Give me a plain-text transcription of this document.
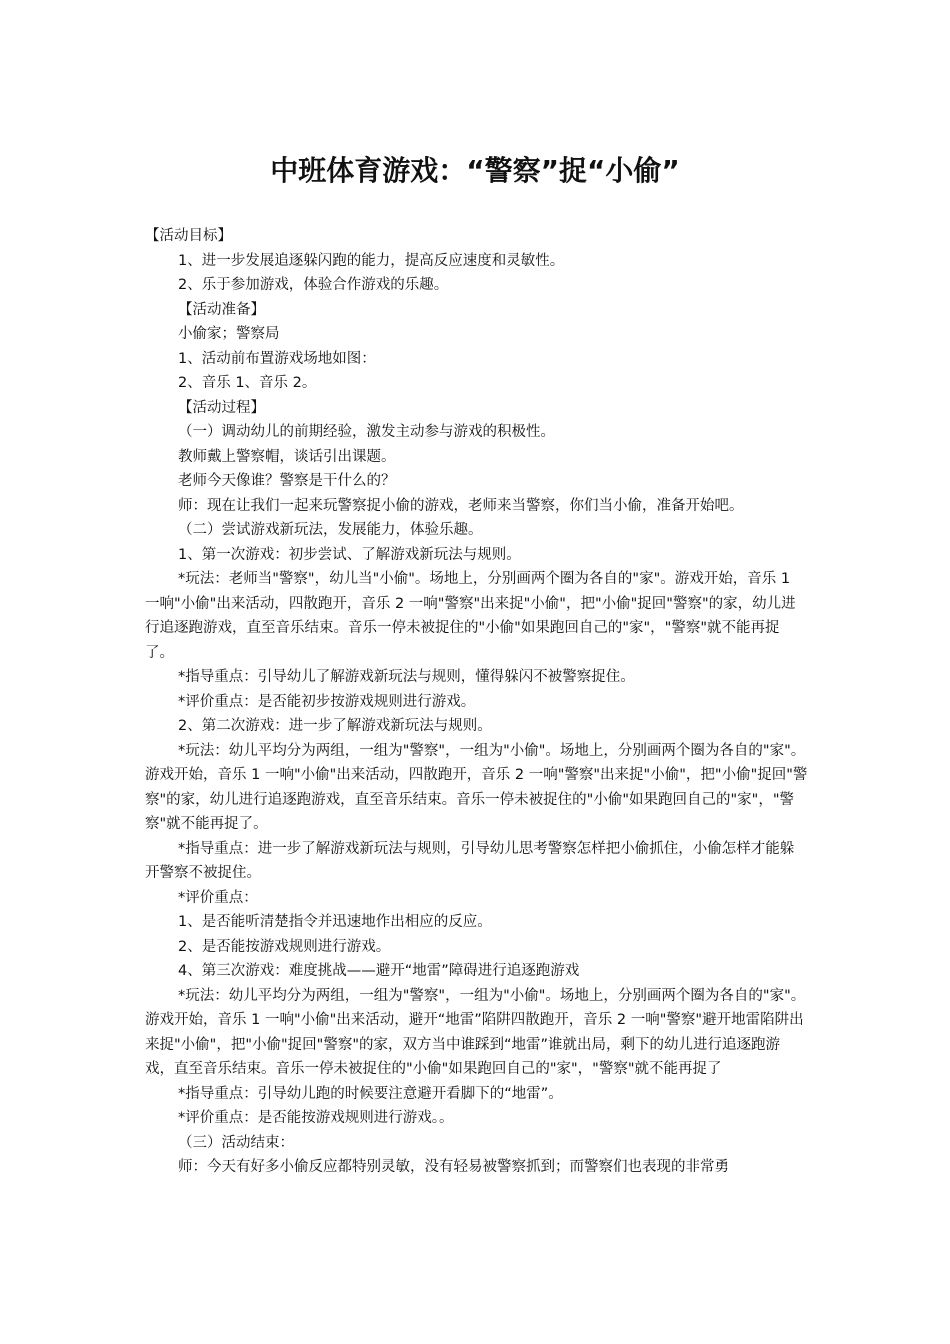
中班体育游戏：“警察”捉“小偷”

【活动目标】

1、进一步发展追逐躲闪跑的能力，提高反应速度和灵敏性。

2、乐于参加游戏，体验合作游戏的乐趣。

【活动准备】

小偷家；警察局

1、活动前布置游戏场地如图：

2、音乐 1、音乐 2。

【活动过程】

（一）调动幼儿的前期经验，激发主动参与游戏的积极性。

教师戴上警察帽，谈话引出课题。

老师今天像谁？警察是干什么的？

师：现在让我们一起来玩警察捉小偷的游戏，老师来当警察，你们当小偷，准备开始吧。

（二）尝试游戏新玩法，发展能力，体验乐趣。

1、第一次游戏：初步尝试、了解游戏新玩法与规则。

*玩法：老师当"警察"，幼儿当"小偷"。场地上，分别画两个圈为各自的"家"。游戏开始，音乐 1 一响"小偷"出来活动，四散跑开，音乐 2 一响"警察"出来捉"小偷"，把"小偷"捉回"警察"的家，幼儿进行追逐跑游戏，直至音乐结束。音乐一停未被捉住的"小偷"如果跑回自己的"家"，"警察"就不能再捉了。

*指导重点：引导幼儿了解游戏新玩法与规则，懂得躲闪不被警察捉住。

*评价重点：是否能初步按游戏规则进行游戏。

2、第二次游戏：进一步了解游戏新玩法与规则。

*玩法：幼儿平均分为两组，一组为"警察"，一组为"小偷"。场地上，分别画两个圈为各自的"家"。游戏开始，音乐 1 一响"小偷"出来活动，四散跑开，音乐 2 一响"警察"出来捉"小偷"，把"小偷"捉回"警察"的家，幼儿进行追逐跑游戏，直至音乐结束。音乐一停未被捉住的"小偷"如果跑回自己的"家"，"警察"就不能再捉了。

*指导重点：进一步了解游戏新玩法与规则，引导幼儿思考警察怎样把小偷抓住，小偷怎样才能躲开警察不被捉住。

*评价重点：

1、是否能听清楚指令并迅速地作出相应的反应。

2、是否能按游戏规则进行游戏。

4、第三次游戏：难度挑战——避开“地雷”障碍进行追逐跑游戏

*玩法：幼儿平均分为两组，一组为"警察"，一组为"小偷"。场地上，分别画两个圈为各自的"家"。游戏开始，音乐 1 一响"小偷"出来活动，避开“地雷”陷阱四散跑开，音乐 2 一响"警察"避开地雷陷阱出来捉"小偷"，把"小偷"捉回"警察"的家，双方当中谁踩到“地雷”谁就出局，剩下的幼儿进行追逐跑游戏，直至音乐结束。音乐一停未被捉住的"小偷"如果跑回自己的"家"，"警察"就不能再捉了

*指导重点：引导幼儿跑的时候要注意避开看脚下的“地雷”。

*评价重点：是否能按游戏规则进行游戏。。

（三）活动结束：

师：今天有好多小偷反应都特别灵敏，没有轻易被警察抓到；而警察们也表现的非常勇
